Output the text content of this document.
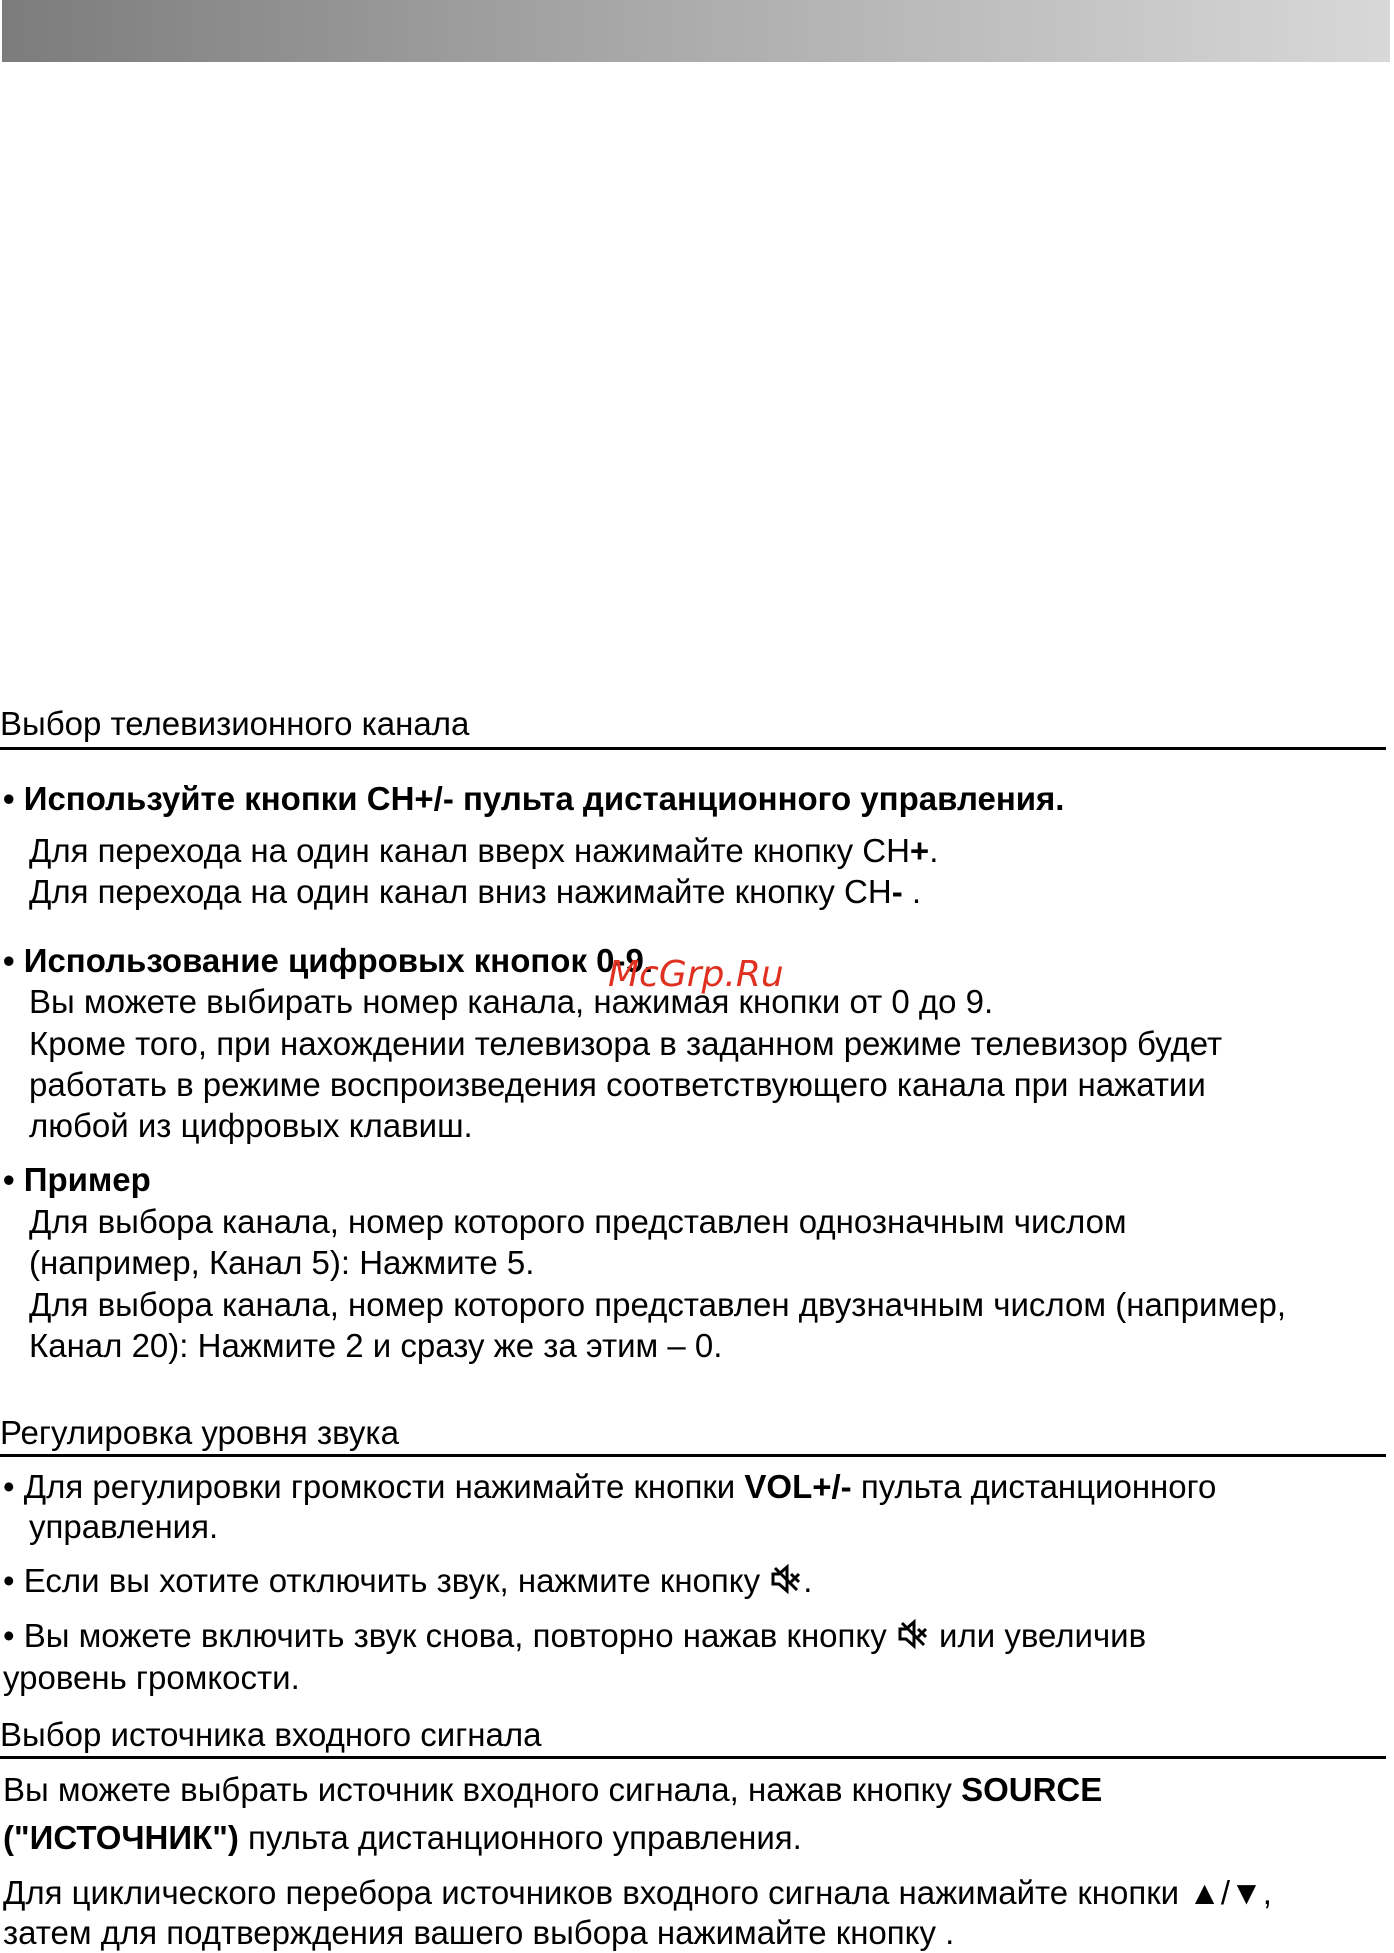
Выбор телевизионного канала
• Используйте кнопки CH+/- пульта дистанционного управления.
Для перехода на один канал вверх нажимайте кнопку CH+.
Для перехода на один канал вниз нажимайте кнопку CH- .
• Использование цифровых кнопок 0-9.
Вы можете выбирать номер канала, нажимая кнопки от 0 до 9.
Кроме того, при нахождении телевизора в заданном режиме телевизор будет
работать в режиме воспроизведения соответствующего канала при нажатии
любой из цифровых клавиш.
McGrp.Ru
• Пример
Для выбора канала, номер которого представлен однозначным числом
(например, Канал 5): Нажмите 5.
Для выбора канала, номер которого представлен двузначным числом (например,
Канал 20): Нажмите 2 и сразу же за этим – 0.
Регулировка уровня звука
• Для регулировки громкости нажимайте кнопки VOL+/- пульта дистанционного
управления.
• Если вы хотите отключить звук, нажмите кнопку .
• Вы можете включить звук снова, повторно нажав кнопку  или увеличив
уровень громкости.
Выбор источника входного сигнала
Вы можете выбрать источник входного сигнала, нажав кнопку SOURCE
("ИСТОЧНИК") пульта дистанционного управления.
Для циклического перебора источников входного сигнала нажимайте кнопки ▲/▼,
затем для подтверждения вашего выбора нажимайте кнопку .
